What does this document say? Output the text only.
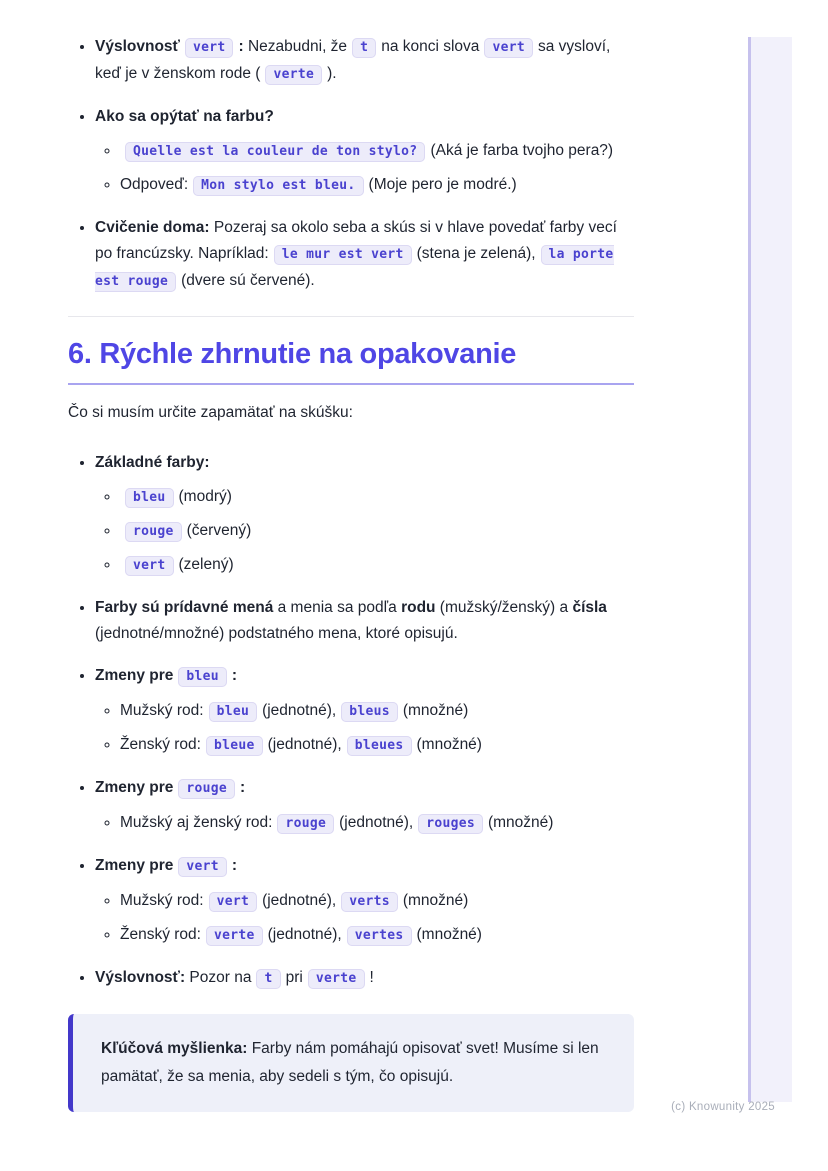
• Výslovnosť vert : Nezabudni, že t na konci slova vert sa vysloví, keď je v ženskom rode ( verte ).
• Ako sa opýtať na farbu?
◦ Quelle est la couleur de ton stylo? (Aká je farba tvojho pera?)
◦ Odpoveď: Mon stylo est bleu. (Moje pero je modré.)
• Cvičenie doma: Pozeraj sa okolo seba a skús si v hlave povedať farby vecí po francúzsky. Napríklad: le mur est vert (stena je zelená), la porte est rouge (dvere sú červené).
6. Rýchle zhrnutie na opakovanie

Čo si musím určite zapamätať na skúšku:

• Základné farby:
◦ bleu (modrý)
◦ rouge (červený)
◦ vert (zelený)
• Farby sú prídavné mená a menia sa podľa rodu (mužský/ženský) a čísla (jednotné/množné) podstatného mena, ktoré opisujú.
• Zmeny pre bleu :
◦ Mužský rod: bleu (jednotné), bleus (množné)
◦ Ženský rod: bleue (jednotné), bleues (množné)
• Zmeny pre rouge :
◦ Mužský aj ženský rod: rouge (jednotné), rouges (množné)
• Zmeny pre vert :
◦ Mužský rod: vert (jednotné), verts (množné)
◦ Ženský rod: verte (jednotné), vertes (množné)
• Výslovnosť: Pozor na t pri verte !
Kľúčová myšlienka: Farby nám pomáhajú opisovať svet! Musíme si len pamätať, že sa menia, aby sedeli s tým, čo opisujú.
(c) Knowunity 2025
